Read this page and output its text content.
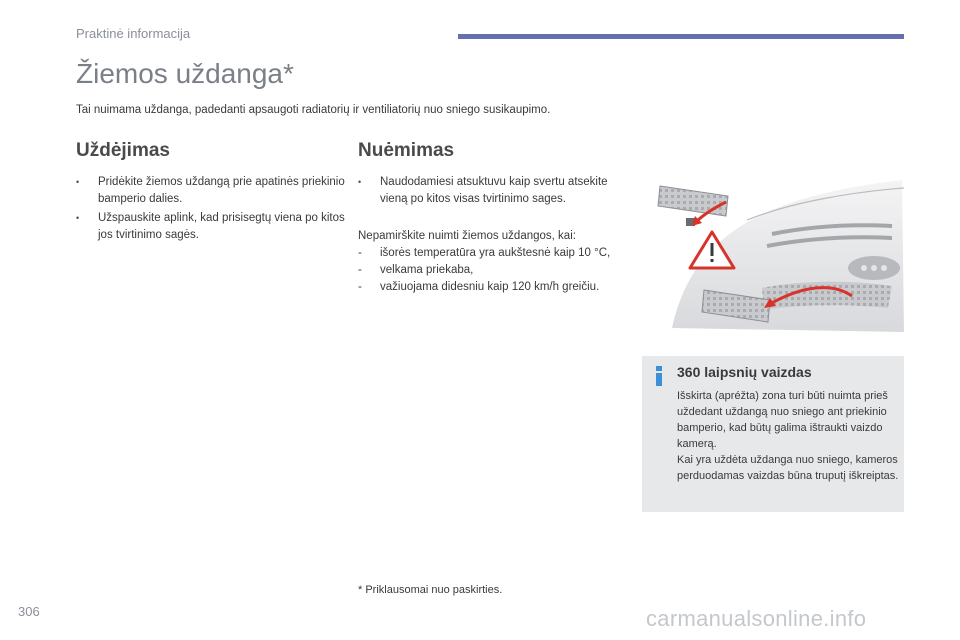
Praktinė informacija
Žiemos uždanga*
Tai nuimama uždanga, padedanti apsaugoti radiatorių ir ventiliatorių nuo sniego susikaupimo.
Uždėjimas
• Pridėkite žiemos uždangą prie apatinės priekinio bamperio dalies.
• Užspauskite aplink, kad prisisegtų viena po kitos jos tvirtinimo sagės.
Nuėmimas
• Naudodamiesi atsuktuvu kaip svertu atsekite vieną po kitos visas tvirtinimo sages.
Nepamirškite nuimti žiemos uždangos, kai:
- išorės temperatūra yra aukštesnė kaip 10 °C,
- velkama priekaba,
- važiuojama didesniu kaip 120 km/h greičiu.
360 laipsnių vaizdas
Išskirta (apréžta) zona turi būti nuimta prieš uždedant uždangą nuo sniego ant priekinio bamperio, kad būtų galima ištraukti vaizdo kamerą.
Kai yra uždėta uždanga nuo sniego, kameros perduodamas vaizdas būna truputį iškreiptas.
* Priklausomai nuo paskirties.
306	carmanualsonline.info
